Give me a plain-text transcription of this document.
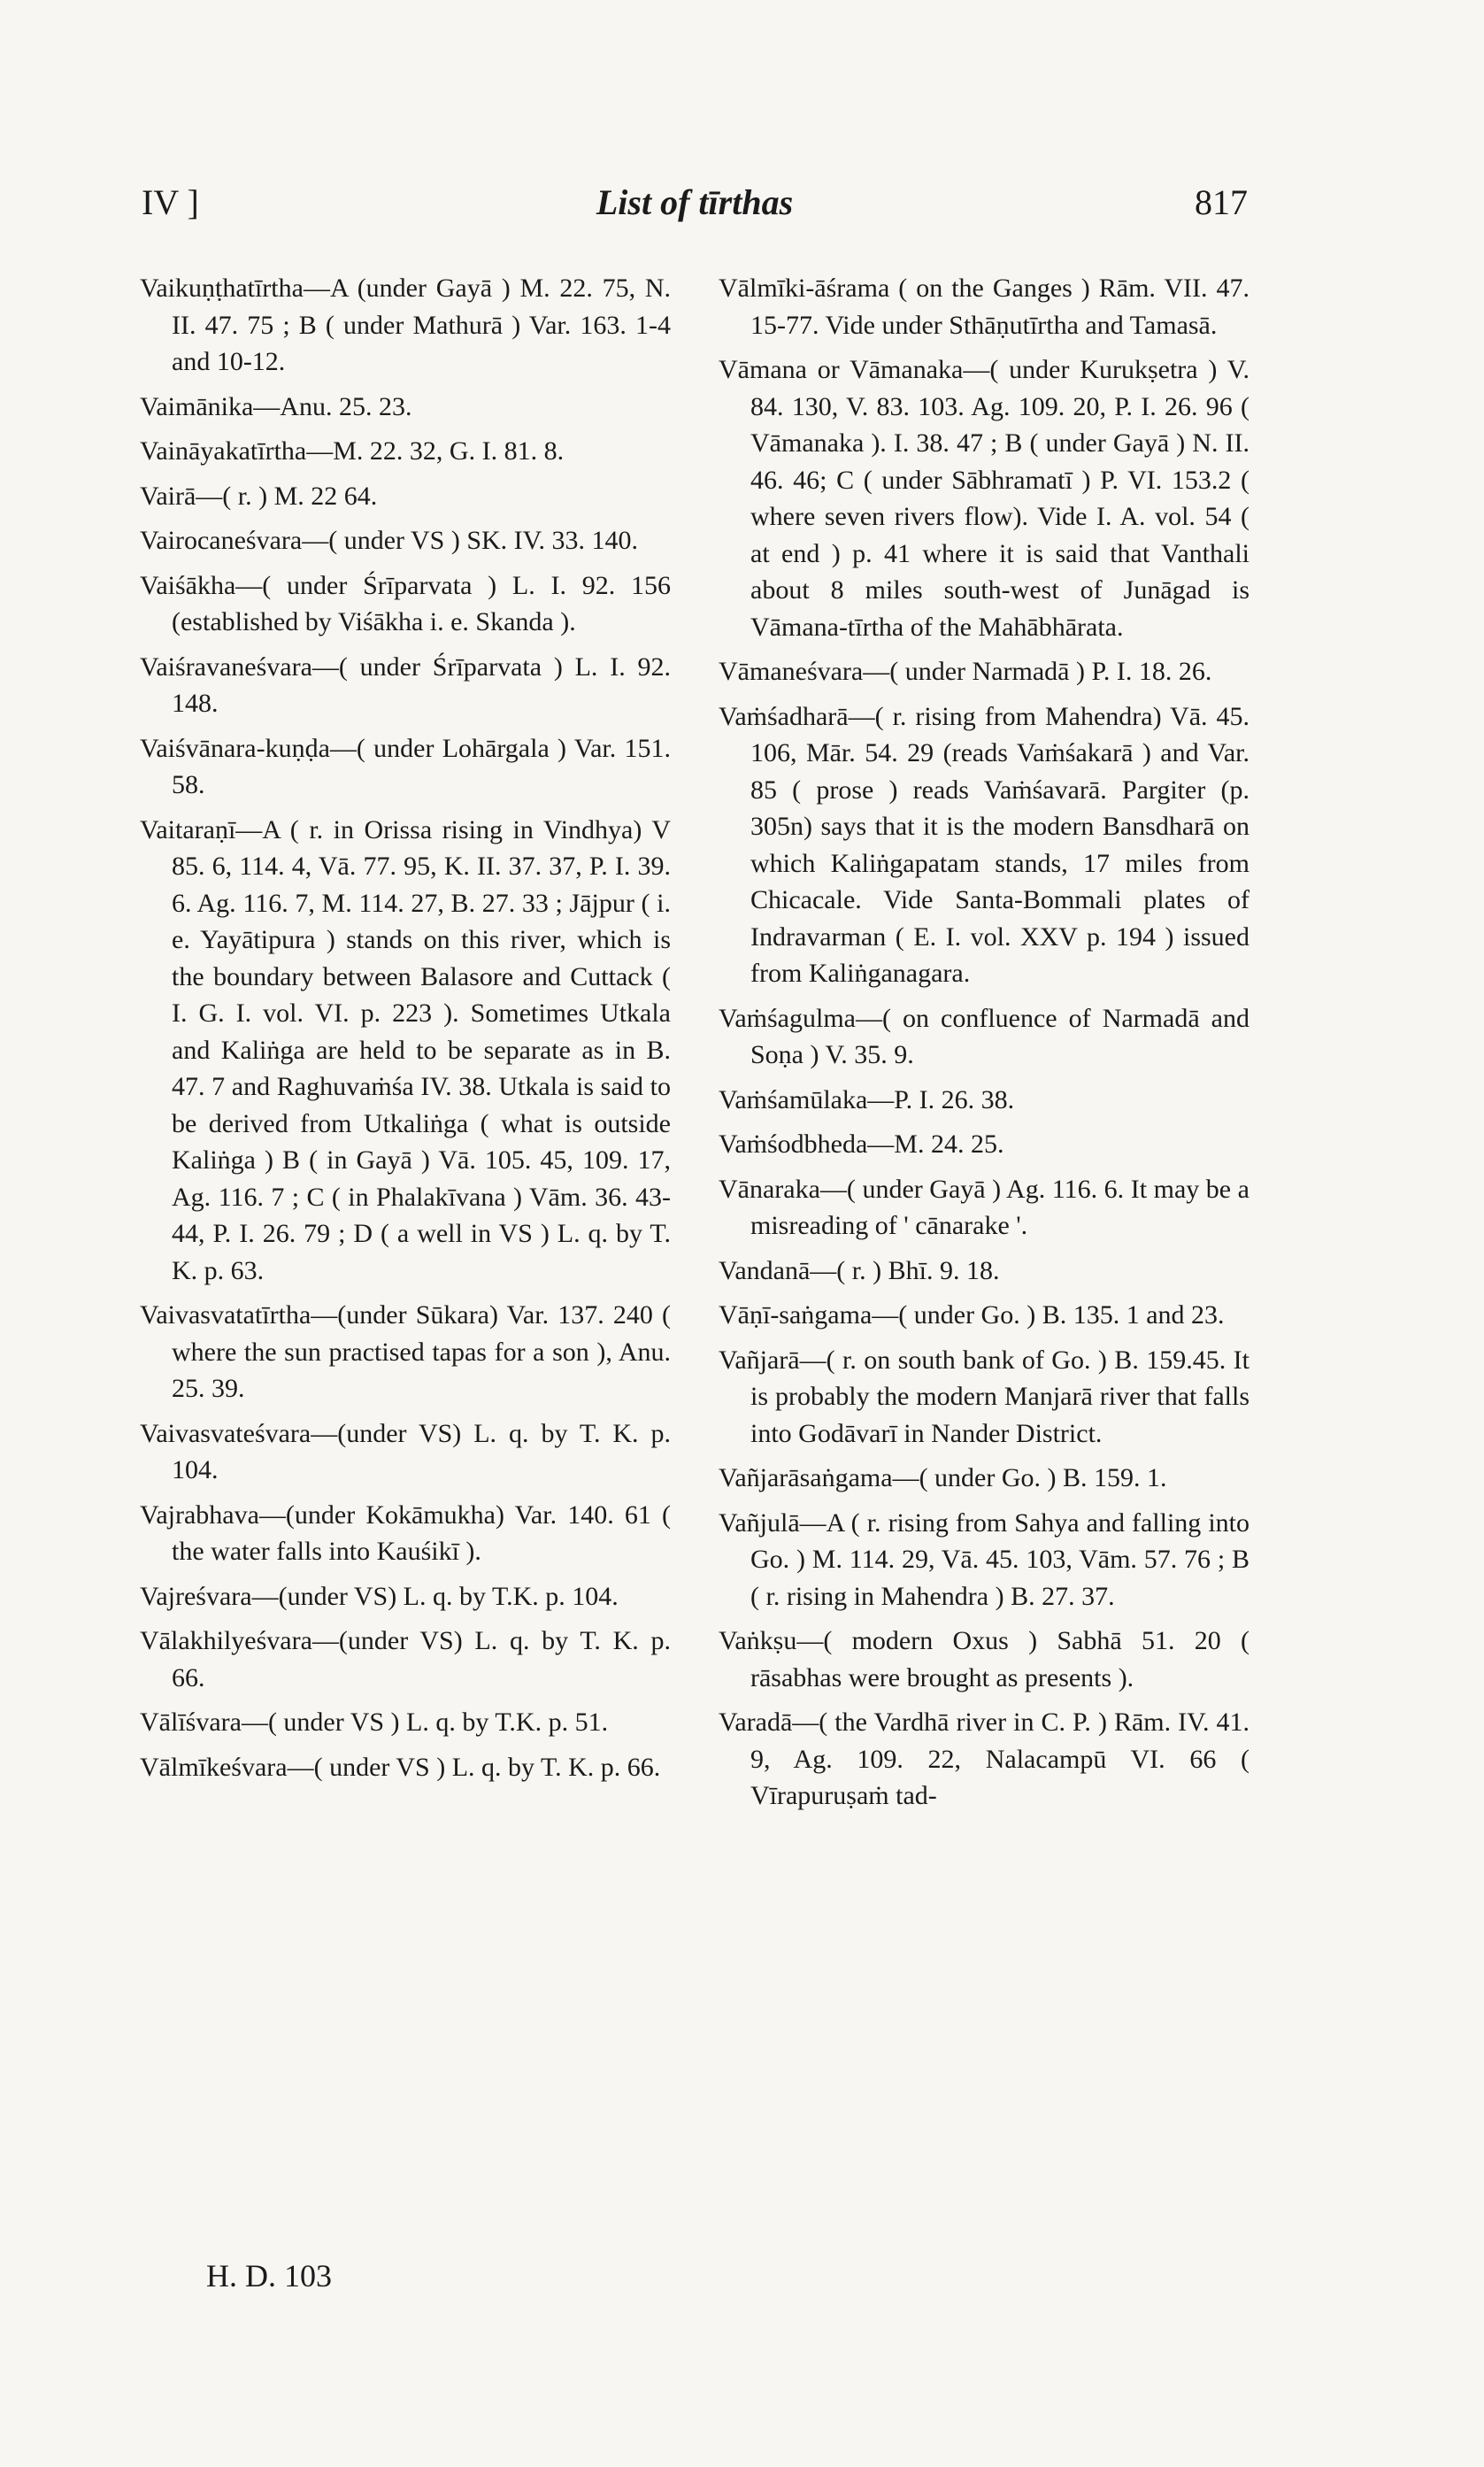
IV ]	List of tīrthas	817

Vaikuṇṭhatīrtha—A (under Gayā ) M. 22. 75, N. II. 47. 75 ; B ( under Mathurā ) Var. 163. 1-4 and 10-12.

Vaimānika—Anu. 25. 23.

Vaināyakatīrtha—M. 22. 32, G. I. 81. 8.

Vairā—( r. ) M. 22 64.

Vairocaneśvara—( under VS ) SK. IV. 33. 140.

Vaiśākha—( under Śrīparvata ) L. I. 92. 156 (established by Viśākha i. e. Skanda ).

Vaiśravaneśvara—( under Śrīparvata ) L. I. 92. 148.

Vaiśvānara-kuṇḍa—( under Lohārgala ) Var. 151. 58.

Vaitaraṇī—A ( r. in Orissa rising in Vindhya) V 85. 6, 114. 4, Vā. 77. 95, K. II. 37. 37, P. I. 39. 6. Ag. 116. 7, M. 114. 27, B. 27. 33 ; Jājpur ( i. e. Yayātipura ) stands on this river, which is the boundary between Balasore and Cuttack ( I. G. I. vol. VI. p. 223 ). Sometimes Utkala and Kaliṅga are held to be separate as in B. 47. 7 and Raghuvaṁśa IV. 38. Utkala is said to be derived from Utkaliṅga ( what is outside Kaliṅga ) B ( in Gayā ) Vā. 105. 45, 109. 17, Ag. 116. 7 ; C ( in Phalakīvana ) Vām. 36. 43-44, P. I. 26. 79 ; D ( a well in VS ) L. q. by T. K. p. 63.

Vaivasvatatīrtha—(under Sūkara) Var. 137. 240 ( where the sun practised tapas for a son ), Anu. 25. 39.

Vaivasvateśvara—(under VS) L. q. by T. K. p. 104.

Vajrabhava—(under Kokāmukha) Var. 140. 61 ( the water falls into Kauśikī ).

Vajreśvara—(under VS) L. q. by T.K. p. 104.

Vālakhilyeśvara—(under VS) L. q. by T. K. p. 66.

Vālīśvara—( under VS ) L. q. by T.K. p. 51.

Vālmīkeśvara—( under VS ) L. q. by T. K. p. 66.

Vālmīki-āśrama ( on the Ganges ) Rām. VII. 47. 15-77. Vide under Sthāṇutīrtha and Tamasā.

Vāmana or Vāmanaka—( under Kurukṣetra ) V. 84. 130, V. 83. 103. Ag. 109. 20, P. I. 26. 96 ( Vāmanaka ). I. 38. 47 ; B ( under Gayā ) N. II. 46. 46; C ( under Sābhramatī ) P. VI. 153.2 ( where seven rivers flow). Vide I. A. vol. 54 ( at end ) p. 41 where it is said that Vanthali about 8 miles south-west of Junāgad is Vāmana-tīrtha of the Mahābhārata.

Vāmaneśvara—( under Narmadā ) P. I. 18. 26.

Vaṁśadharā—( r. rising from Mahendra) Vā. 45. 106, Mār. 54. 29 (reads Vaṁśakarā ) and Var. 85 ( prose ) reads Vaṁśavarā. Pargiter (p. 305n) says that it is the modern Bansdharā on which Kaliṅgapatam stands, 17 miles from Chicacale. Vide Santa-Bommali plates of Indravarman ( E. I. vol. XXV p. 194 ) issued from Kaliṅganagara.

Vaṁśagulma—( on confluence of Narmadā and Soṇa ) V. 35. 9.

Vaṁśamūlaka—P. I. 26. 38.

Vaṁśodbheda—M. 24. 25.

Vānaraka—( under Gayā ) Ag. 116. 6. It may be a misreading of ' cānarake '.

Vandanā—( r. ) Bhī. 9. 18.

Vāṇī-saṅgama—( under Go. ) B. 135. 1 and 23.

Vañjarā—( r. on south bank of Go. ) B. 159.45. It is probably the modern Manjarā river that falls into Godāvarī in Nander District.

Vañjarāsaṅgama—( under Go. ) B. 159. 1.

Vañjulā—A ( r. rising from Sahya and falling into Go. ) M. 114. 29, Vā. 45. 103, Vām. 57. 76 ; B ( r. rising in Mahendra ) B. 27. 37.

Vaṅkṣu—( modern Oxus ) Sabhā 51. 20 ( rāsabhas were brought as presents ).

Varadā—( the Vardhā river in C. P. ) Rām. IV. 41. 9, Ag. 109. 22, Nalacampū VI. 66 ( Vīrapuruṣaṁ tad-

H. D. 103
